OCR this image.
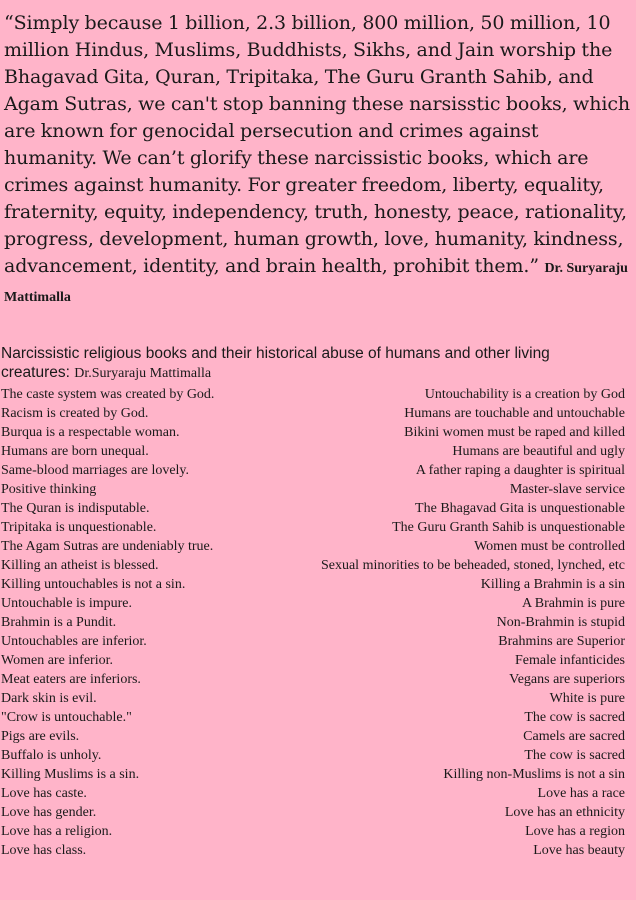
“Simply because 1 billion, 2.3 billion, 800 million, 50 million, 10 million Hindus, Muslims, Buddhists, Sikhs, and Jain worship the Bhagavad Gita, Quran, Tripitaka, The Guru Granth Sahib, and Agam Sutras, we can't stop banning these narsisstic books, which are known for genocidal persecution and crimes against humanity. We can’t glorify these narcissistic books, which are crimes against humanity. For greater freedom, liberty, equality, fraternity, equity, independency, truth, honesty, peace, rationality, progress, development, human growth, love, humanity, kindness, advancement, identity, and brain health, prohibit them.” Dr. Suryaraju Mattimalla

Narcissistic religious books and their historical abuse of humans and other living creatures: Dr.Suryaraju Mattimalla

The caste system was created by God.	Untouchability is a creation by God
Racism is created by God.	Humans are touchable and untouchable
Burqua is a respectable woman.	Bikini women must be raped and killed
Humans are born unequal.	Humans are beautiful and ugly
Same-blood marriages are lovely.	A father raping a daughter is spiritual
Positive thinking	Master-slave service
The Quran is indisputable.	The Bhagavad Gita is unquestionable
Tripitaka is unquestionable.	The Guru Granth Sahib is unquestionable
The Agam Sutras are undeniably true.	Women must be controlled
Killing an atheist is blessed.	Sexual minorities to be beheaded, stoned, lynched, etc
Killing untouchables is not a sin.	Killing a Brahmin is a sin
Untouchable is impure.	A Brahmin is pure
Brahmin is a Pundit.	Non-Brahmin is stupid
Untouchables are inferior.	Brahmins are Superior
Women are inferior.	Female infanticides
Meat eaters are inferiors.	Vegans are superiors
Dark skin is evil.	White is pure
"Crow is untouchable."	The cow is sacred
Pigs are evils.	Camels are sacred
Buffalo is unholy.	The cow is sacred
Killing Muslims is a sin.	Killing non-Muslims is not a sin
Love has caste.	Love has a race
Love has gender.	Love has an ethnicity
Love has a religion.	Love has a region
Love has class.	Love has beauty
